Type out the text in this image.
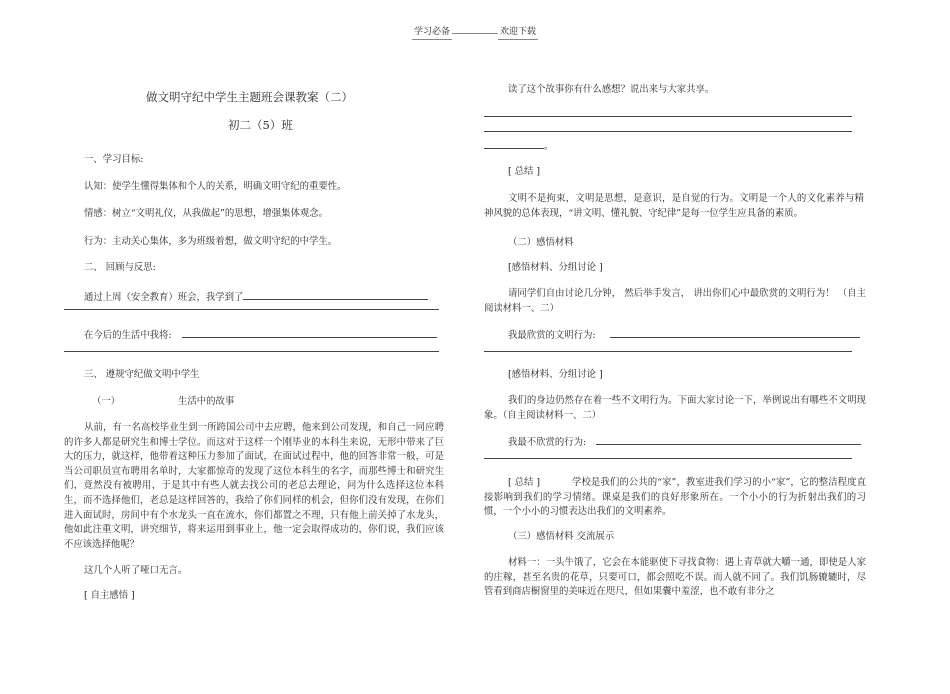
学习必备	欢迎下载
做文明守纪中学生主题班会课教案（二）
初二（5）班
一、学习目标:
认知：使学生懂得集体和个人的关系，明确文明守纪的重要性。
情感：树立“文明礼仪，从我做起”的思想，增强集体观念。
行为：主动关心集体，多为班级着想，做文明守纪的中学生。
二、 回顾与反思:
通过上周（安全教育）班会，我学到了
在今后的生活中我将:
三、 遵规守纪做文明中学生
（一）	生活中的故事
从前，有一名高校毕业生到一所跨国公司中去应聘，他来到公司发现，和自己一同应聘的许多人都是研究生和博士学位。而这对于这样一个刚毕业的本科生来说，无形中带来了巨大的压力，就这样，他带着这种压力参加了面试，在面试过程中，他的回答非常一般，可是当公司职员宣布聘用名单时，大家都惊奇的发现了这位本科生的名字，而那些博士和研究生们，竟然没有被聘用，于是其中有些人就去找公司的老总去理论，问为什么选择这位本科生，而不选择他们，老总是这样回答的，我给了你们同样的机会，但你们没有发现，在你们进入面试时，房间中有个水龙头一直在流水，你们都置之不理，只有他上前关掉了水龙头，他如此注重文明，讲究细节，将来运用到事业上，他一定会取得成功的，你们说，我们应该不应该选择他呢？
这几个人听了哑口无言。
[ 自主感悟 ]
读了这个故事你有什么感想？说出来与大家共享。
。
[ 总结 ]
文明不是拘束，文明是思想，是意识，是自觉的行为。文明是一个人的文化素养与精神风貌的总体表现，“讲文明、懂礼貌、守纪律”是每一位学生应具备的素质。
（二）感悟材料
[感悟材料、分组讨论 ]
请同学们自由讨论几分钟， 然后举手发言， 讲出你们心中最欣赏的文明行为！ （自主阅读材料一、二）
我最欣赏的文明行为:
[感悟材料、分组讨论 ]
我们的身边仍然存在着一些不文明行为。下面大家讨论一下，举例说出有哪些不文明现象。（自主阅读材料一、二）
我最不欣赏的行为:
[ 总结 ]	学校是我们的公共的“家”，教室进我们学习的小“家”，它的整洁程度直接影响到我们的学习情绪。课桌是我们的良好形象所在。一个小小的行为折射出我们的习惯，一个小小的习惯表达出我们的文明素养。
（三）感悟材料 交流展示
材料一：一头牛饿了，它会在本能驱使下寻找食物：遇上青草就大嚼一通，即使是人家的庄稼，甚至名贵的花草，只要可口，都会照吃不误。而人就不同了。我们饥肠辘辘时，尽管看到商店橱窗里的美味近在咫尺，但如果囊中羞涩，也不敢有非分之
